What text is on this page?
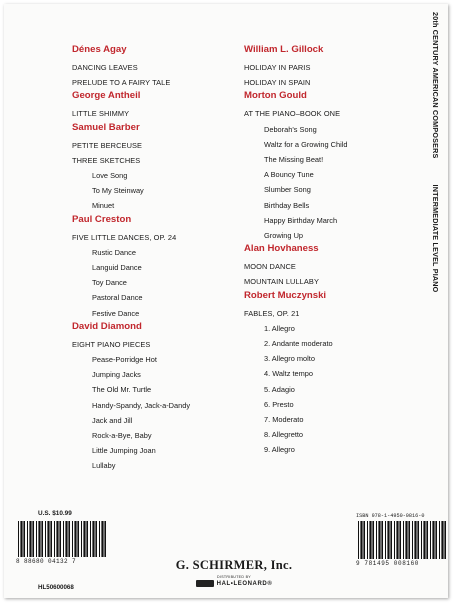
Dénes Agay
DANCING LEAVES
PRELUDE TO A FAIRY TALE
George Antheil
LITTLE SHIMMY
Samuel Barber
PETITE BERCEUSE
THREE SKETCHES
Love Song
To My Steinway
Minuet
Paul Creston
FIVE LITTLE DANCES, OP. 24
Rustic Dance
Languid Dance
Toy Dance
Pastoral Dance
Festive Dance
David Diamond
EIGHT PIANO PIECES
Pease-Porridge Hot
Jumping Jacks
The Old Mr. Turtle
Handy-Spandy, Jack-a-Dandy
Jack and Jill
Rock-a-Bye, Baby
Little Jumping Joan
Lullaby
William L. Gillock
HOLIDAY IN PARIS
HOLIDAY IN SPAIN
Morton Gould
AT THE PIANO–BOOK ONE
Deborah's Song
Waltz for a Growing Child
The Missing Beat!
A Bouncy Tune
Slumber Song
Birthday Bells
Happy Birthday March
Growing Up
Alan Hovhaness
MOON DANCE
MOUNTAIN LULLABY
Robert Muczynski
FABLES, OP. 21
1. Allegro
2. Andante moderato
3. Allegro molto
4. Waltz tempo
5. Adagio
6. Presto
7. Moderato
8. Allegretto
9. Allegro
20th CENTURY AMERICAN COMPOSERSINTERMEDIATE LEVEL PIANO
U.S. $10.99
8 88680 04132 7
HL50600068
G. SCHIRMER, Inc.
DISTRIBUTED BY
HAL•LEONARD®
ISBN 978-1-4950-0816-0
9 781495 008160
